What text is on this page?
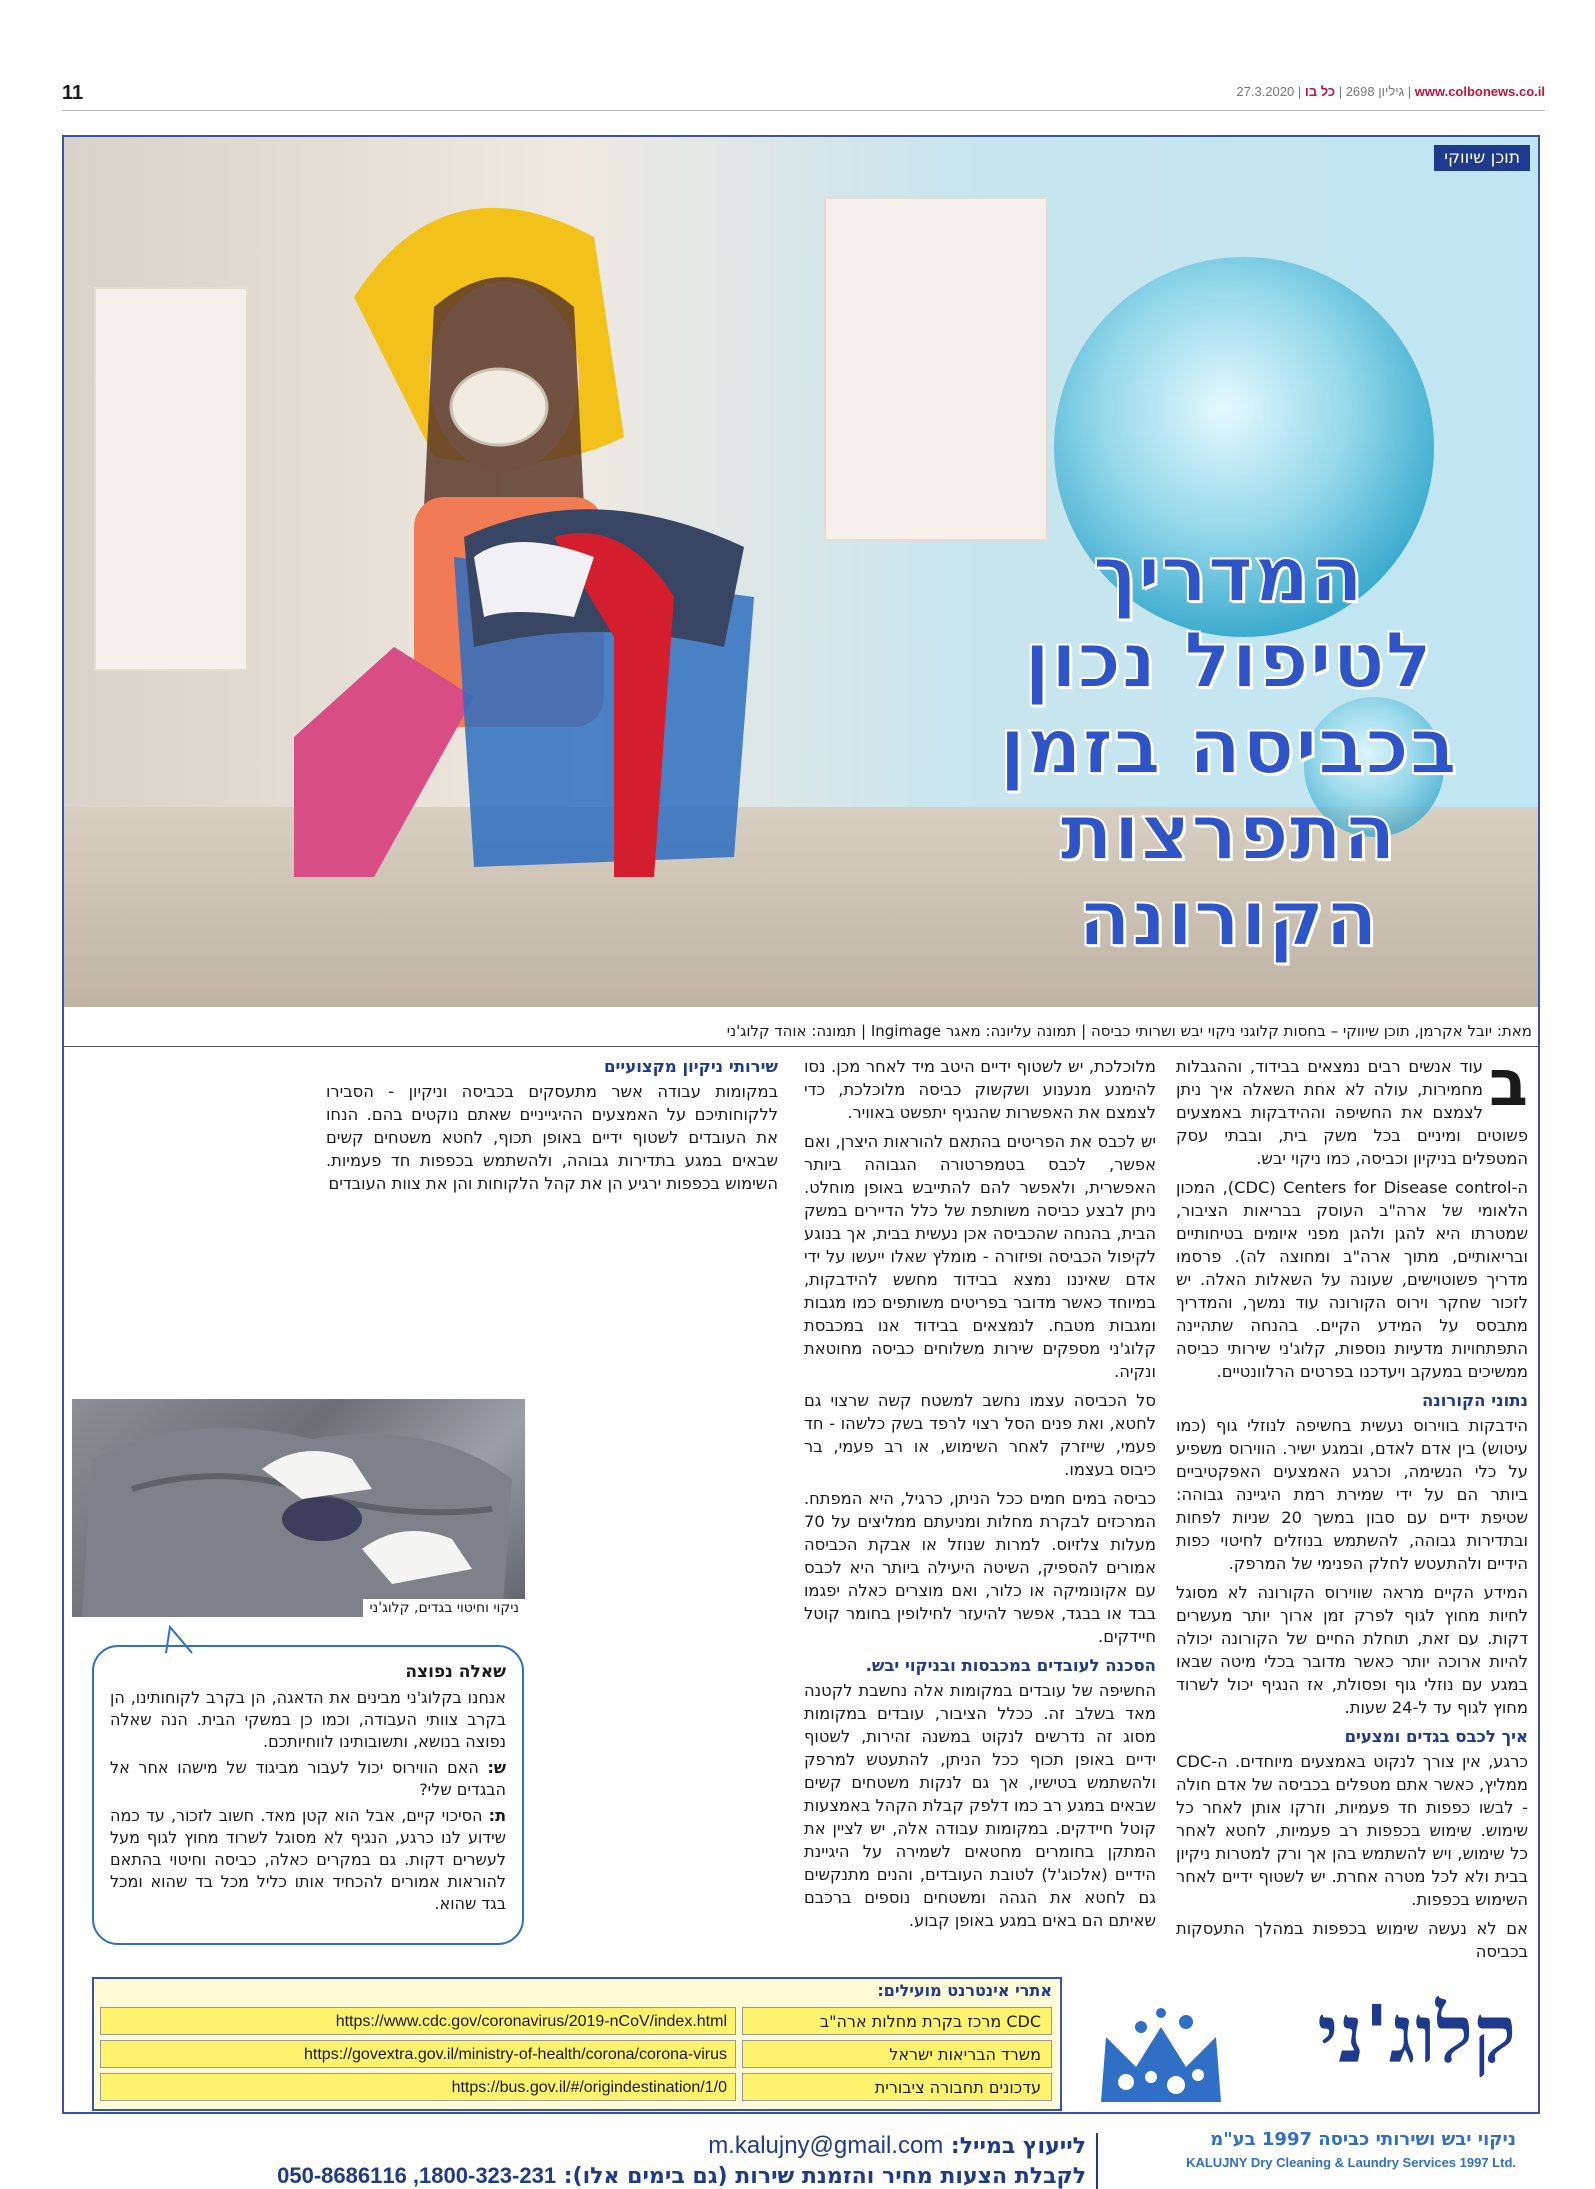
11	27.3.2020 |	גיליון 2698 | כל בו	| www.colbonews.co.il
תוכן שיווקי
המדריך
לטיפול נכון
בכביסה בזמן
התפרצות
הקורונה
מאת: יובל אקרמן, תוכן שיווקי – בחסות קלוגני ניקוי יבש ושרותי כביסה | תמונה עליונה: מאגר Ingimage | תמונה: אוהד קלוג'ני

ב
עוד אנשים רבים נמצאים בבידוד, וההגבלות מחמירות, עולה לא אחת השאלה איך ניתן לצמצם את החשיפה וההידבקות באמצעים פשוטים ומיניים בכל משק בית, ובבתי עסק המטפלים בניקיון וכביסה, כמו ניקוי יבש.

ה-CDC) Centers for Disease control), המכון הלאומי של ארה"ב העוסק בבריאות הציבור, שמטרתו היא להגן ולהגן מפני איומים בטיחותיים ובריאותיים, מתוך ארה"ב ומחוצה לה). פרסמו מדריך פשוטוישים, שעונה על השאלות האלה. יש לזכור שחקר וירוס הקורונה עוד נמשך, והמדריך מתבסס על המידע הקיים. בהנחה שתהיינה התפתחויות מדעיות נוספות, קלוג'ני שירותי כביסה ממשיכים במעקב ויעדכנו בפרטים הרלוונטיים.

נתוני הקורונה

הידבקות בווירוס נעשית בחשיפה לנוזלי גוף (כמו עיטוש) בין אדם לאדם, ובמגע ישיר. הווירוס משפיע על כלי הנשימה, וכרגע האמצעים האפקטיביים ביותר הם על ידי שמירת רמת היגיינה גבוהה: שטיפת ידיים עם סבון במשך 20 שניות לפחות ובתדירות גבוהה, להשתמש בנוזלים לחיטוי כפות הידיים ולהתעטש לחלק הפנימי של המרפק.

המידע הקיים מראה שווירוס הקורונה לא מסוגל לחיות מחוץ לגוף לפרק זמן ארוך יותר מעשרים דקות. עם זאת, תוחלת החיים של הקורונה יכולה להיות ארוכה יותר כאשר מדובר בכלי מיטה שבאו במגע עם נוזלי גוף ופסולת, אז הנגיף יכול לשרוד מחוץ לגוף עד ל-24 שעות.

איך לכבס בגדים ומצעים

כרגע, אין צורך לנקוט באמצעים מיוחדים. ה-CDC ממליץ, כאשר אתם מטפלים בכביסה של אדם חולה - לבשו כפפות חד פעמיות, וזרקו אותן לאחר כל שימוש. שימוש בכפפות רב פעמיות, לחטא לאחר כל שימוש, ויש להשתמש בהן אך ורק למטרות ניקיון בבית ולא לכל מטרה אחרת. יש לשטוף ידיים לאחר השימוש בכפפות.

אם לא נעשה שימוש בכפפות במהלך התעסקות בכביסה

מלוכלכת, יש לשטוף ידיים היטב מיד לאחר מכן. נסו להימנע מנענוע ושקשוק כביסה מלוכלכת, כדי לצמצם את האפשרות שהנגיף יתפשט באוויר.

יש לכבס את הפריטים בהתאם להוראות היצרן, ואם אפשר, לכבס בטמפרטורה הגבוהה ביותר האפשרית, ולאפשר להם להתייבש באופן מוחלט. ניתן לבצע כביסה משותפת של כלל הדיירים במשק הבית, בהנחה שהכביסה אכן נעשית בבית, אך בנוגע לקיפול הכביסה ופיזורה - מומלץ שאלו ייעשו על ידי אדם שאיננו נמצא בבידוד מחשש להידבקות, במיוחד כאשר מדובר בפריטים משותפים כמו מגבות ומגבות מטבח. לנמצאים בבידוד אנו במכבסת קלוג'ני מספקים שירות משלוחים כביסה מחוטאת ונקיה.

סל הכביסה עצמו נחשב למשטח קשה שרצוי גם לחטא, ואת פנים הסל רצוי לרפד בשק כלשהו - חד פעמי, שייזרק לאחר השימוש, או רב פעמי, בר כיבוס בעצמו.

כביסה במים חמים ככל הניתן, כרגיל, היא המפתח. המרכזים לבקרת מחלות ומניעתם ממליצים על 70 מעלות צלזיוס. למרות שנוזל או אבקת הכביסה אמורים להספיק, השיטה היעילה ביותר היא לכבס עם אקונומיקה או כלור, ואם מוצרים כאלה יפגמו בבד או בבגד, אפשר להיעזר לחילופין בחומר קוטל חיידקים.

הסכנה לעובדים במכבסות ובניקוי יבש.

החשיפה של עובדים במקומות אלה נחשבת לקטנה מאד בשלב זה. ככלל הציבור, עובדים במקומות מסוג זה נדרשים לנקוט במשנה זהירות, לשטוף ידיים באופן תכוף ככל הניתן, להתעטש למרפק ולהשתמש בטישיו, אך גם לנקות משטחים קשים שבאים במגע רב כמו דלפק קבלת הקהל באמצעות קוטל חיידקים. במקומות עבודה אלה, יש לציין את המתקן בחומרים מחטאים לשמירה על היגיינת הידיים (אלכוג'ל) לטובת העובדים, והנים מתנקשים גם לחטא את הגהה ומשטחים נוספים ברכבם שאיתם הם באים במגע באופן קבוע.

שירותי ניקיון מקצועיים

במקומות עבודה אשר מתעסקים בכביסה וניקיון - הסבירו ללקוחותיכם על האמצעים ההיגייניים שאתם נוקטים בהם. הנחו את העובדים לשטוף ידיים באופן תכוף, לחטא משטחים קשים שבאים במגע בתדירות גבוהה, ולהשתמש בכפפות חד פעמיות. השימוש בכפפות ירגיע הן את קהל הלקוחות והן את צוות העובדים

ניקוי וחיטוי בגדים, קלוג'ני
שאלה נפוצה

אנחנו בקלוג'ני מבינים את הדאגה, הן בקרב לקוחותינו, הן בקרב צוותי העבודה, וכמו כן במשקי הבית. הנה שאלה נפוצה בנושא, ותשובותינו לווחיותכם.

ש: האם הווירוס יכול לעבור מביגוד של מישהו אחר אל הבגדים שלי?

ת: הסיכוי קיים, אבל הוא קטן מאד. חשוב לזכור, עד כמה שידוע לנו כרגע, הנגיף לא מסוגל לשרוד מחוץ לגוף מעל לעשרים דקות. גם במקרים כאלה, כביסה וחיטוי בהתאם להוראות אמורים להכחיד אותו כליל מכל בד שהוא ומכל בגד שהוא.

אתרי אינטרנט מועילים:
CDC מרכז בקרת מחלות ארה"ב
https://www.cdc.gov/coronavirus/2019-nCoV/index.html
משרד הבריאות ישראל
https://govextra.gov.il/ministry-of-health/corona/corona-virus
עדכונים תחבורה ציבורית
https://bus.gov.il/#/origindestination/1/0
קלוג'ני
ניקוי יבש ושירותי כביסה 1997 בע"מ
KALUJNY Dry Cleaning & Laundry Services 1997 Ltd.
לייעוץ במייל: m.kalujny@gmail.com
לקבלת הצעות מחיר והזמנת שירות (גם בימים אלו): 050-8686116 ,1800-323-231
